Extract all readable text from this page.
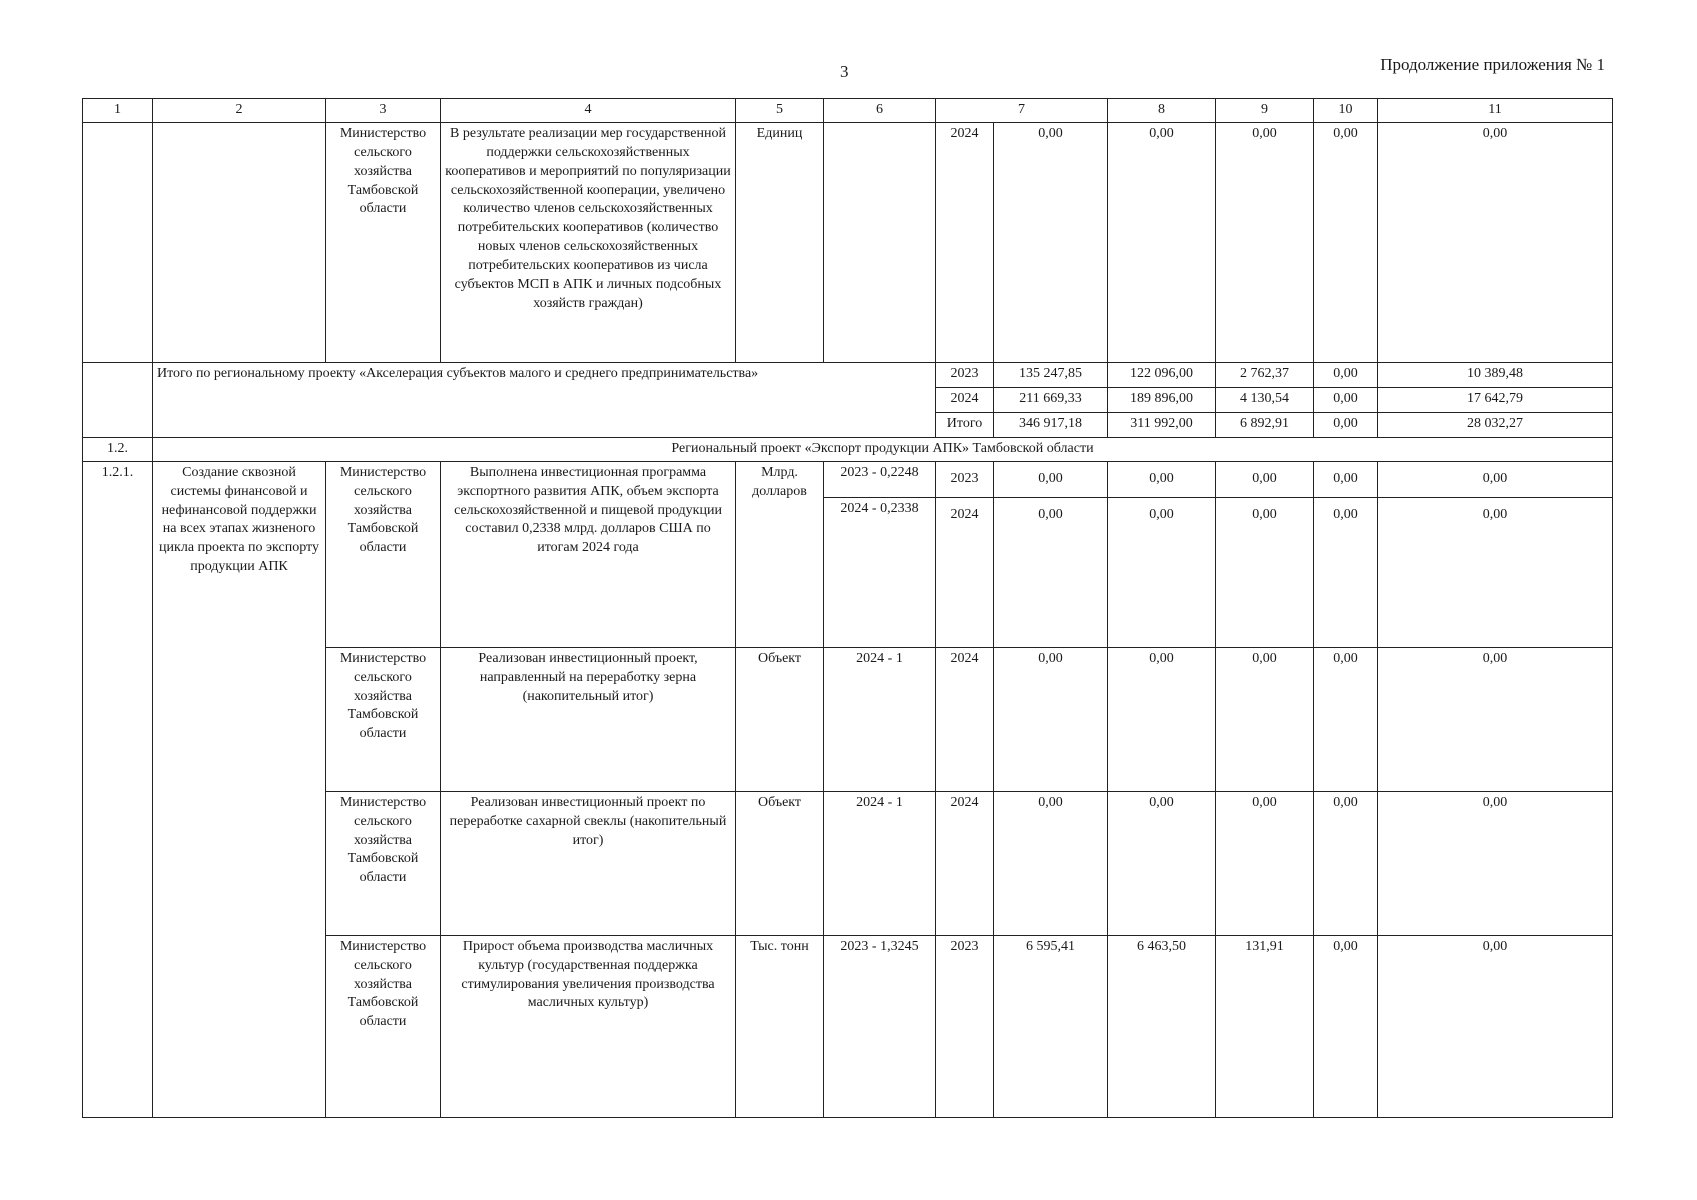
3	Продолжение приложения № 1
1	2	3	4	5	6	7		8	9	10	11
		Министерство сельского хозяйства Тамбовской области	В результате реализации мер государственной поддержки сельскохозяйственных кооперативов и мероприятий по популяризации сельскохозяйственной кооперации, увеличено количество членов сельскохозяйственных потребительских кооперативов (количество новых членов сельскохозяйственных потребительских кооперативов из числа субъектов МСП в АПК и личных подсобных хозяйств граждан)	Единиц		2024	0,00	0,00	0,00	0,00	0,00
	Итого по региональному проекту «Акселерация субъектов малого и среднего предпринимательства»					2023	135 247,85	122 096,00	2 762,37	0,00	10 389,48
						2024	211 669,33	189 896,00	4 130,54	0,00	17 642,79
						Итого	346 917,18	311 992,00	6 892,91	0,00	28 032,27
1.2.	Региональный проект «Экспорт продукции АПК» Тамбовской области										
1.2.1.	Создание сквозной системы финансовой и нефинансовой поддержки на всех этапах жизненого цикла проекта по экспорту продукции АПК	Министерство сельского хозяйства Тамбовской области	Выполнена инвестиционная программа экспортного развития АПК, объем экспорта сельскохозяйственной и пищевой продукции составил 0,2338 млрд. долларов США по итогам 2024 года	Млрд. долларов	2023 - 0,2248	2023	0,00	0,00	0,00	0,00	0,00
					2024 - 0,2338	2024	0,00	0,00	0,00	0,00	0,00
		Министерство сельского хозяйства Тамбовской области	Реализован инвестиционный проект, направленный на переработку зерна (накопительный итог)	Объект	2024 - 1	2024	0,00	0,00	0,00	0,00	0,00
		Министерство сельского хозяйства Тамбовской области	Реализован инвестиционный проект по переработке сахарной свеклы (накопительный итог)	Объект	2024 - 1	2024	0,00	0,00	0,00	0,00	0,00
		Министерство сельского хозяйства Тамбовской области	Прирост объема производства масличных культур (государственная поддержка стимулирования увеличения производства масличных культур)	Тыс. тонн	2023 - 1,3245	2023	6 595,41	6 463,50	131,91	0,00	0,00
